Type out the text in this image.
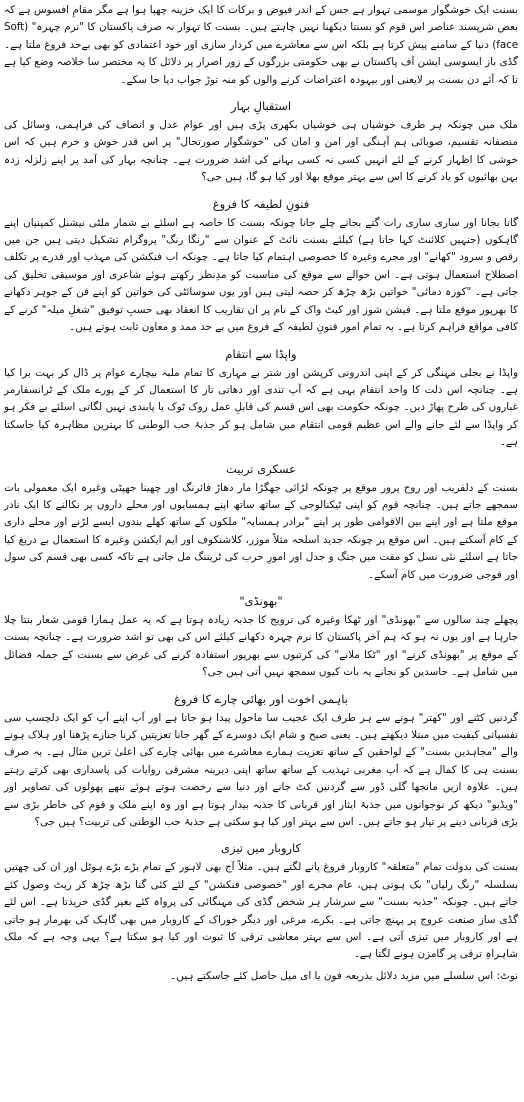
بسنت ایک خوشگوار موسمی تہوار ہے جس کے اندر فیوض و برکات کا ایک خزینہ چھپا ہوا ہے مگر مقامِ افسوس ہے کہ بعض شرپسند عناصر اس قوم کو بسنتا دیکھنا نہیں چاہتے ہیں۔ بسنت کا تہوار نہ صرف پاکستان کا "نرم چہرہ" (Soft face) دنیا کے سامنے پیش کرتا ہے بلکہ اس سے معاشرے میں کردار سازی اور خود اعتمادی کو بھی بےحد فروغ ملتا ہے۔ گڈی باز ایسوسی ایشن آف پاکستان نے بھی حکومتی بزرگوں کے زور اصرار پر دلائل کا یہ مختصر سا خلاصہ وضع کیا ہے تا کہ آئے دن بسنت پر لایعنی اور بیہودہ اعتراضات کرنے والوں کو منہ توڑ جواب دیا جا سکے۔

استقبالِ بہار

ملک میں چونکہ ہر طرف خوشیاں ہی خوشیاں بکھری پڑی ہیں اور عوام عدل و انصاف کی فراہمی، وسائل کی منصفانہ تقسیم، صوبائی ہم آہنگی اور امن و امان کی "خوشگوار صورتحال" پر اس قدر خوش و خرم ہیں کہ اس خوشی کا اظہار کرنے کے لئے انہیں کسی نہ کسی بہانے کی اشد ضرورت ہے۔ چنانچہ بہار کی آمد پر اپنے زلزلہ زدہ بہن بھائیوں کو یاد کرنے کا اس سے بہتر موقع بھلا اور کیا ہو گا، ہیں جی؟

فنونِ لطیفہ کا فروغ

گانا بجانا اور ساری ساری رات گتے بجاتے چلے جانا چونکہ بسنت کا خاصہ ہے اسلئے بے شمار ملٹی نیشنل کمپنیاں اپنے گاہکوں (جنہیں کلائنٹ کہا جاتا ہے) کیلئے بسنت نائٹ کے عنوان سے "رنگا رنگ" پروگرام تشکیل دیتی ہیں جن میں رقص و سرود "کھانے" اور مجرے وغیرہ کا خصوصی اہتمام کیا جاتا ہے۔ چونکہ اب فنکشن کی مہذب اور قدرے پر تکلف اصطلاح استعمال ہوتی ہے۔ اس حوالے سے موقع کی مناسبت کو مدِنظر رکھتے ہوئے شاعری اور موسیقی تخلیق کی جاتی ہے۔ "کورہ دمائی" خواتین بڑھ چڑھ کر حصہ لیتی ہیں اور یوں سوسائٹی کی خواتین کو اپنے فن کے جوہر دکھانے کا بھرپور موقع ملتا ہے۔ فیشن شوز اور کیٹ واک کے نام پر ان تقاریب کا انعقاد بھی حسبِ توفیق "شغلِ میلہ" کرنے کے کافی مواقع فراہم کرتا ہے۔ یہ تمام امور فنونِ لطیفہ کے فروغ میں بے حد ممد و معاون ثابت ہوتے ہیں۔

واپڈا سے انتقام

واپڈا نے بجلی مہنگی کر کے اپنی اندرونی کرپشن اور شتر بے مہاری کا تمام ملبہ بیچارے عوام پر ڈال کر بہت برا کیا ہے۔ چنانچہ اس ذلت کا واحد انتقام یہی ہے کہ آپ تندی اور دھاتی تار کا استعمال کر کے پورے ملک کے ٹرانسفارمر غباروں کی طرح پھاڑ دیں۔ چونکہ حکومت بھی اس قسم کی قابلِ عمل روک ٹوک یا پابندی نہیں لگاتی اسلئے بے فکر ہو کر واپڈا سے لئے جانے والے اس عظیم قومی انتقام میں شامل ہو کر جذبۂ حب الوطنی کا بہترین مظاہرہ کیا جاسکتا ہے۔

عسکری تربیت

بسنت کے دلفریب اور روح پرور موقع پر چونکہ لڑائی جھگڑا مار دھاڑ فائرنگ اور چھینا جھپٹی وغیرہ ایک معمولی بات سمجھے جاتے ہیں۔ چنانچہ قوم کو اپنی ٹیکنالوجی کے ساتھ ساتھ اپنے ہمسایوں اور محلے داروں پر نکالنے کا ایک نادر موقع ملتا ہے اور اپنے بین الاقوامی طور پر اپنے "برادر ہمسایہ" ملکوں کے ساتھ کھلے بندوں ایسے لڑنے اور محلے داری کے کام آسکتے ہیں۔ اس موقع پر چونکہ جدید اسلحہ مثلاً موزر، کلاشنکوف اور ایم ایکشن وغیرہ کا استعمال بے دریغ کیا جاتا ہے اسلئے نئی نسل کو مفت میں جنگ و جدل اور امورِ حرب کی ٹریننگ مل جاتی ہے تاکہ کسی بھی قسم کی سول اور فوجی ضرورت میں کام آسکے۔

"بھونڈی"

پچھلے چند سالوں سے "بھونڈی" اور ٹھکا وغیرہ کی ترویج کا جذبہ زیادہ ہوتا ہے کہ یہ عمل ہمارا قومی شعار بنتا چلا جارہا ہے اور یوں نہ ہو کہ ہم آخر پاکستان کا نرم چہرہ دکھانے کیلئے اس کی بھی تو اشد ضرورت ہے۔ چنانچہ بسنت کے موقع پر "بھونڈی کرنے" اور "ٹکا ملانے" کی کرتبوں سے بھرپور استفادہ کرنے کی غرض سے بسنت کے جملہ فضائل میں شامل ہے۔ حاسدین کو نجانے یہ بات کیوں سمجھ نہیں آتی ہیں جی؟

باہمی اخوت اور بھائی چارے کا فروغ

گردنیں کٹنے اور "کھتر" ہونے سے ہر طرف ایک عجیب سا ماحول پیدا ہو جاتا ہے اور آپ اپنے آپ کو ایک دلچسپ سی نفسیاتی کیفیت میں مبتلا دیکھتے ہیں۔ یعنی صبح و شام ایک دوسرے کے گھر جانا تعزیتیں کرنا جنازے پڑھنا اور ہلاک ہونے والے "مجاہدین بسنت" کے لواحقین کے ساتھ تعزیت ہمارے معاشرے میں بھائی چارے کی اعلیٰ ترین مثال ہے۔ یہ صرف بسنت ہی کا کمال ہے کہ آپ مغربی تہذیب کے ساتھ ساتھ اپنی دیرینہ مشرقی روایات کی پاسداری بھی کرتے رہتے ہیں۔ علاوہ ازیں مانجھا گلی ڈور سے گردنیں کٹ جانے اور دنیا سے رخصت ہوتے ہوئے ننھے پھولوں کی تصاویر اور "ویڈیو" دیکھ کر نوجوانوں میں جذبۂ ایثار اور قربانی کا جذبہ بیدار ہوتا ہے اور وہ اپنے ملک و قوم کی خاطر بڑی سے بڑی قربانی دینے پر تیار ہو جاتے ہیں۔ اس سے بہتر اور کیا ہو سکتی ہے جذبۂ حب الوطنی کی تربیت؟ ہیں جی؟

کاروبار میں تیزی

بسنت کی بدولت تمام "متعلقہ" کاروبار فروغ پانے لگتے ہیں۔ مثلاً آج بھی لاہور کے تمام بڑے بڑے ہوٹل اور ان کی چھتیں بسلسلہ "رنگ رلیاں" بک ہوتی ہیں، عام مجرے اور "خصوصی فنکشن" کے لئے کئی گنا بڑھ چڑھ کر ریٹ وصول کئے جاتے ہیں۔ چونکہ "جذبہ بسنت" سے سرشار ہر شخص گڈی کی مہنگائی کی پرواہ کئے بغیر گڈی خریدتا ہے۔ اس لئے گڈی ساز صنعت عروج پر پہنچ جاتی ہے۔ بکرے، مرغی اور دیگر خوراک کے کاروبار میں بھی گاہک کی بھرمار ہو جاتی ہے اور کاروبار میں تیزی آتی ہے۔ اس سے بہتر معاشی ترقی کا ثبوت اور کیا ہو سکتا ہے؟ یہی وجہ ہے کہ ملک شاہراہِ ترقی پر گامزن ہونے لگتا ہے۔

نوٹ: اس سلسلے میں مزید دلائل بذریعہ فون یا ای میل حاصل کئے جاسکتے ہیں۔
